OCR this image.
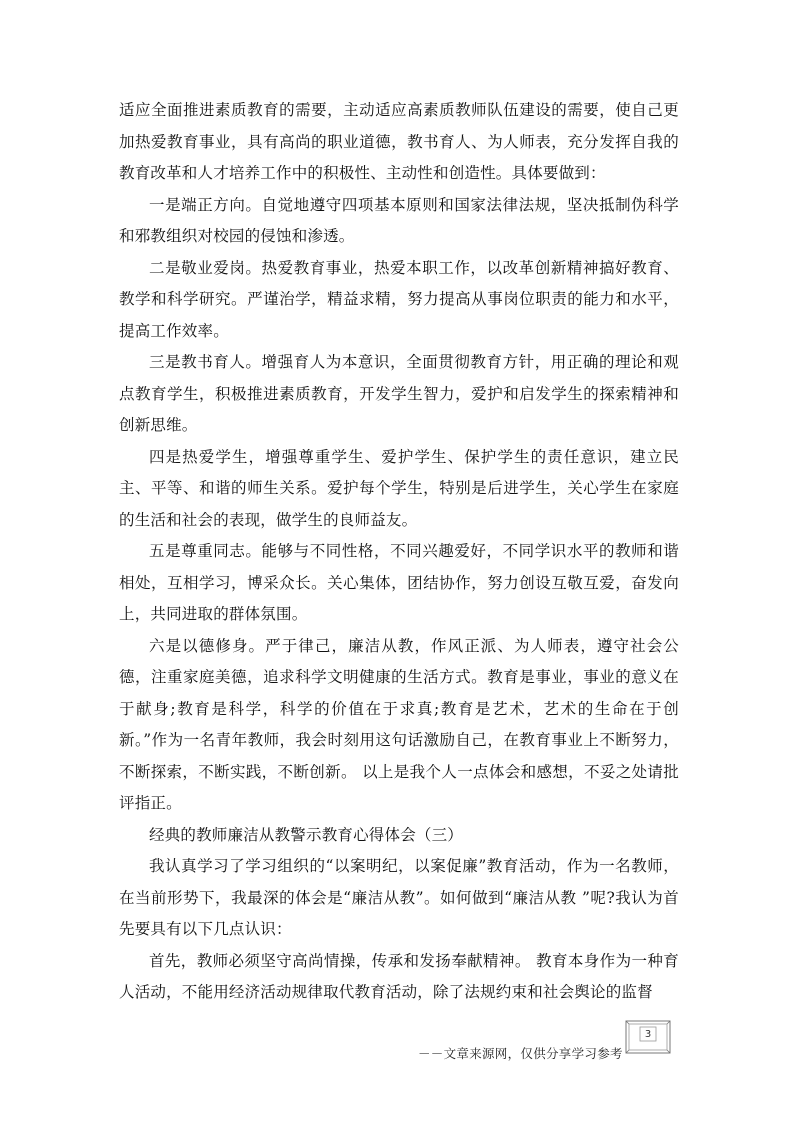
适应全面推进素质教育的需要，主动适应高素质教师队伍建设的需要，使自己更加热爱教育事业，具有高尚的职业道德，教书育人、为人师表，充分发挥自我的教育改革和人才培养工作中的积极性、主动性和创造性。具体要做到：

一是端正方向。自觉地遵守四项基本原则和国家法律法规，坚决抵制伪科学和邪教组织对校园的侵蚀和渗透。

二是敬业爱岗。热爱教育事业，热爱本职工作，以改革创新精神搞好教育、教学和科学研究。严谨治学，精益求精，努力提高从事岗位职责的能力和水平，提高工作效率。

三是教书育人。增强育人为本意识，全面贯彻教育方针，用正确的理论和观点教育学生，积极推进素质教育，开发学生智力，爱护和启发学生的探索精神和创新思维。

四是热爱学生，增强尊重学生、爱护学生、保护学生的责任意识，建立民主、平等、和谐的师生关系。爱护每个学生，特别是后进学生，关心学生在家庭的生活和社会的表现，做学生的良师益友。

五是尊重同志。能够与不同性格，不同兴趣爱好，不同学识水平的教师和谐相处，互相学习，博采众长。关心集体，团结协作，努力创设互敬互爱，奋发向上，共同进取的群体氛围。

六是以德修身。严于律己，廉洁从教，作风正派、为人师表，遵守社会公德，注重家庭美德，追求科学文明健康的生活方式。教育是事业，事业的意义在于献身;教育是科学，科学的价值在于求真;教育是艺术，艺术的生命在于创新。”作为一名青年教师，我会时刻用这句话激励自己，在教育事业上不断努力，不断探索，不断实践，不断创新。 以上是我个人一点体会和感想，不妥之处请批评指正。

经典的教师廉洁从教警示教育心得体会（三）

我认真学习了学习组织的“以案明纪，以案促廉”教育活动，作为一名教师，在当前形势下，我最深的体会是“廉洁从教”。如何做到“廉洁从教 ”呢?我认为首先要具有以下几点认识：

首先，教师必须坚守高尚情操，传承和发扬奉献精神。 教育本身作为一种育人活动，不能用经济活动规律取代教育活动，除了法规约束和社会舆论的监督

3
－－文章来源网，仅供分享学习参考
